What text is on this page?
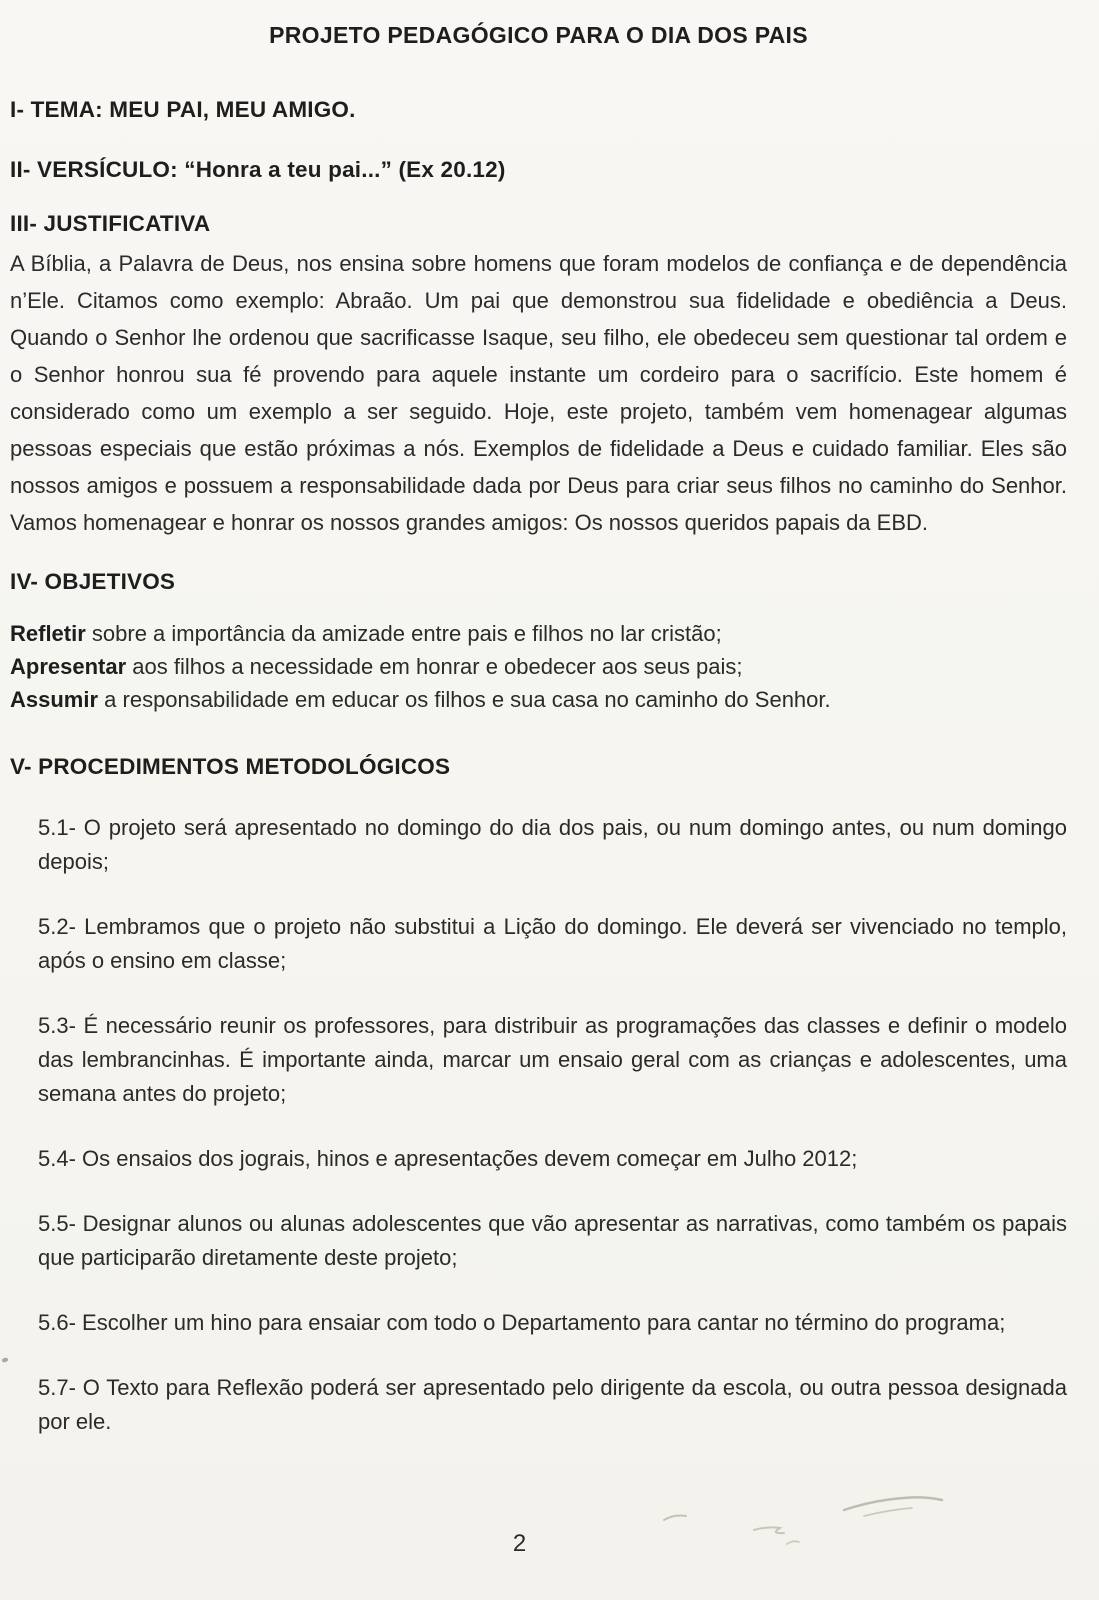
PROJETO PEDAGÓGICO PARA O DIA DOS PAIS
I- TEMA: MEU PAI, MEU AMIGO.
II- VERSÍCULO: “Honra a teu pai...” (Ex 20.12)
III- JUSTIFICATIVA

A Bíblia, a Palavra de Deus, nos ensina sobre homens que foram modelos de confiança e de dependência n’Ele. Citamos como exemplo: Abraão. Um pai que demonstrou sua fidelidade e obediência a Deus. Quando o Senhor lhe ordenou que sacrificasse Isaque, seu filho, ele obedeceu sem questionar tal ordem e o Senhor honrou sua fé provendo para aquele instante um cordeiro para o sacrifício. Este homem é considerado como um exemplo a ser seguido. Hoje, este projeto, também vem homenagear algumas pessoas especiais que estão próximas a nós. Exemplos de fidelidade a Deus e cuidado familiar. Eles são nossos amigos e possuem a responsabilidade dada por Deus para criar seus filhos no caminho do Senhor. Vamos homenagear e honrar os nossos grandes amigos: Os nossos queridos papais da EBD.

IV- OBJETIVOS

Refletir sobre a importância da amizade entre pais e filhos no lar cristão;

Apresentar aos filhos a necessidade em honrar e obedecer aos seus pais;

Assumir a responsabilidade em educar os filhos e sua casa no caminho do Senhor.

V- PROCEDIMENTOS METODOLÓGICOS

5.1- O projeto será apresentado no domingo do dia dos pais, ou num domingo antes, ou num domingo depois;

5.2- Lembramos que o projeto não substitui a Lição do domingo. Ele deverá ser vivenciado no templo, após o ensino em classe;

5.3- É necessário reunir os professores, para distribuir as programações das classes e definir o modelo das lembrancinhas. É importante ainda, marcar um ensaio geral com as crianças e adolescentes, uma semana antes do projeto;

5.4- Os ensaios dos jograis, hinos e apresentações devem começar em Julho 2012;

5.5- Designar alunos ou alunas adolescentes que vão apresentar as narrativas, como também os papais que participarão diretamente deste projeto;

5.6- Escolher um hino para ensaiar com todo o Departamento para cantar no término do programa;

5.7- O Texto para Reflexão poderá ser apresentado pelo dirigente da escola, ou outra pessoa designada por ele.

2
